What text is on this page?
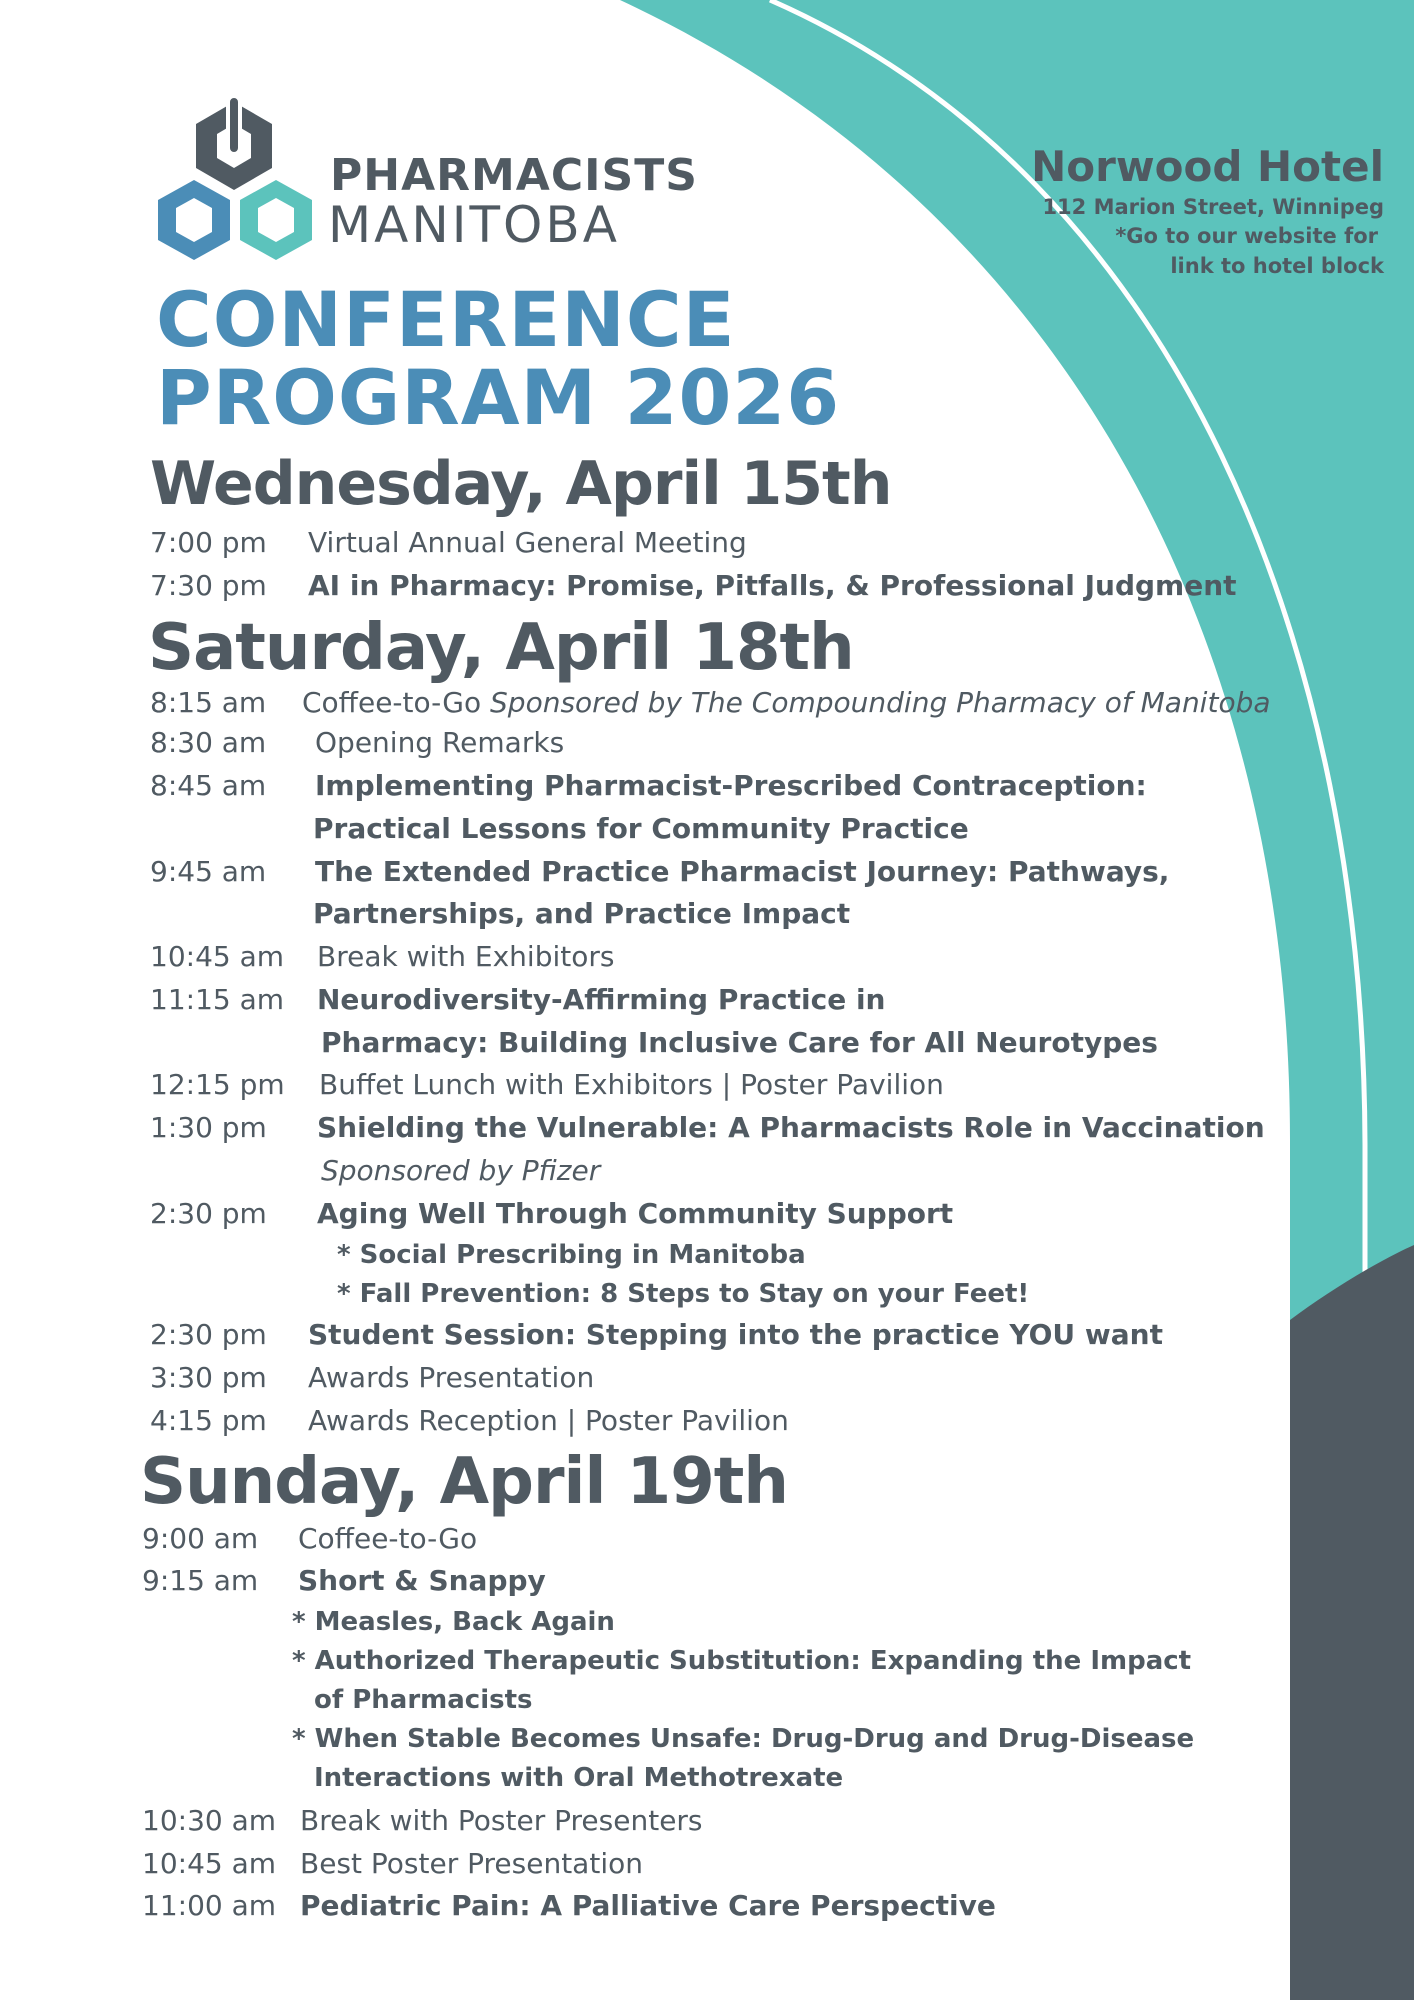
PHARMACISTS
MANITOBA
Norwood Hotel
112 Marion Street, Winnipeg
*Go to our website for
link to hotel block
CONFERENCE
PROGRAM 2026
Wednesday, April 15th
7:00 pm Virtual Annual General Meeting
7:30 pm AI in Pharmacy: Promise, Pitfalls, & Professional Judgment
Saturday, April 18th
8:15 am Coffee-to-Go Sponsored by The Compounding Pharmacy of Manitoba
8:30 am Opening Remarks
8:45 am Implementing Pharmacist-Prescribed Contraception:
Practical Lessons for Community Practice
9:45 am The Extended Practice Pharmacist Journey: Pathways,
Partnerships, and Practice Impact
10:45 am Break with Exhibitors
11:15 am Neurodiversity-Affirming Practice in
Pharmacy: Building Inclusive Care for All Neurotypes
12:15 pm Buffet Lunch with Exhibitors | Poster Pavilion
1:30 pm Shielding the Vulnerable: A Pharmacists Role in Vaccination
Sponsored by Pfizer
2:30 pm Aging Well Through Community Support
* Social Prescribing in Manitoba
* Fall Prevention: 8 Steps to Stay on your Feet!
2:30 pm Student Session: Stepping into the practice YOU want
3:30 pm Awards Presentation
4:15 pm Awards Reception | Poster Pavilion
Sunday, April 19th
9:00 am Coffee-to-Go
9:15 am Short & Snappy
* Measles, Back Again
* Authorized Therapeutic Substitution: Expanding the Impact
of Pharmacists
* When Stable Becomes Unsafe: Drug-Drug and Drug-Disease
Interactions with Oral Methotrexate
10:30 am Break with Poster Presenters
10:45 am Best Poster Presentation
11:00 am Pediatric Pain: A Palliative Care Perspective
